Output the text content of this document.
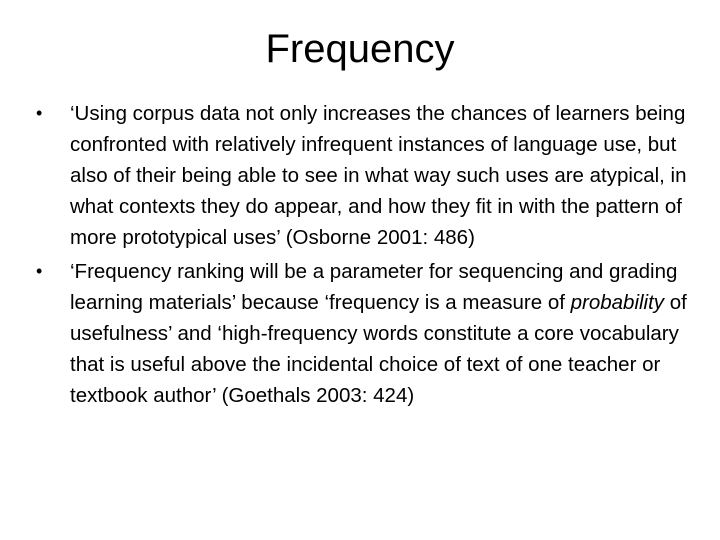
Frequency
•	‘Using corpus data not only increases the chances of learners being confronted with relatively infrequent instances of language use, but also of their being able to see in what way such uses are atypical, in what contexts they do appear, and how they fit in with the pattern of more prototypical uses’ (Osborne 2001: 486)
•	‘Frequency ranking will be a parameter for sequencing and grading learning materials’ because ‘frequency is a measure of probability of usefulness’ and ‘high-frequency words constitute a core vocabulary that is useful above the incidental choice of text of one teacher or textbook author’ (Goethals 2003: 424)
